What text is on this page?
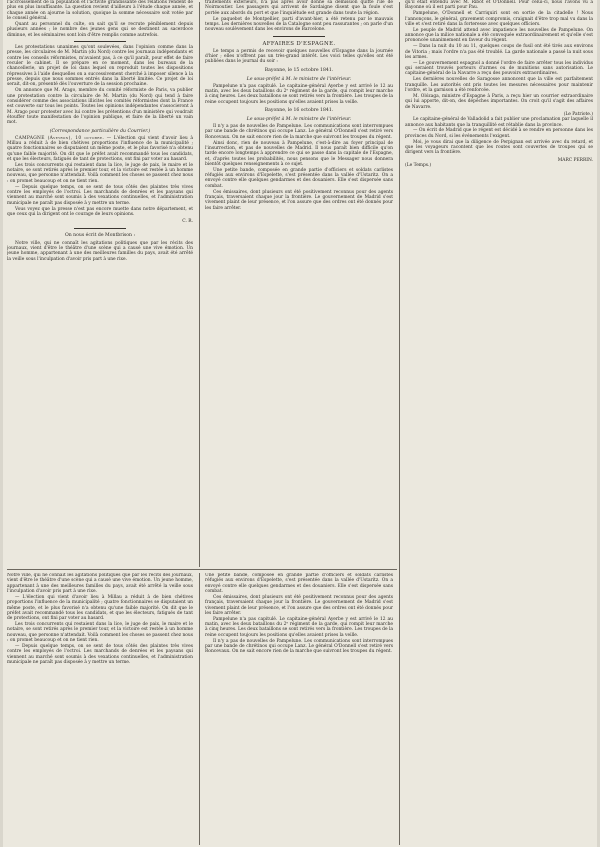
l'accroissement de la population et l'activité grandissante des relations rendent de plus en plus insuffisante. La question revient d'ailleurs à l'étude chaque année, et chaque année on ajourne la solution, quoique la somme nécessaire soit votée par le conseil général.

Quant au personnel du culte, on sait qu'il se recrute péniblement depuis plusieurs années ; le nombre des jeunes gens qui se destinent au sacerdoce diminue, et les séminaires sont loin d'être remplis comme autrefois.

Les protestations unanimes qu'ont soulevées, dans l'opinion comme dans la presse, les circulaires de M. Martin (du Nord) contre les journaux indépendants et contre les conseils réformistes, m'avaient pas, à ce qu'il paraît, pour effet de faire reculer le cabinet. Il se prépare en ce moment, dans les bureaux de la chancellerie, un projet de loi dans lequel on reproduit toutes les dispositions répressives à l'aide desquelles on a successivement cherché à imposer silence à la presse, depuis que nous sommes entrés dans la liberté limitée. Ce projet de loi serait, dit-on, présenté dès l'ouverture de la session prochaine.

On annonce que M. Arago, membre du comité réformiste de Paris, va publier une protestation contre la circulaire de M. Martin (du Nord) qui tend à faire considérer comme des associations illicites les comités réformistes dont la France est couverte sur tous les points. Toutes les opinions indépendantes s'associeront à M. Arago pour protester avec lui contre les prétentions d'un ministère qui voudrait étouffer toute manifestation de l'opinion publique, et faire de la liberté un vain mot.

(Correspondance particulière du Courrier.)

CAMPAGNE (Aveyron), 10 octobre. — L'élection qui vient d'avoir lieu à Millau a réduit à de bien chétives proportions l'influence de la municipalité ; quatre fonctionnaires se disputaient un même poste, et le plus favorisé n'a obtenu qu'une faible majorité. On dit que le préfet avait recommandé tous les candidats, et que les électeurs, fatigués de tant de protections, ont fini par voter au hasard.

Les trois concurrents qui restaient dans la lice, le juge de paix, le maire et le notaire, se sont retirés après le premier tour, et la victoire est restée à un homme nouveau, que personne n'attendait. Voilà comment les choses se passent chez nous : on promet beaucoup et on ne tient rien.

— Depuis quelque temps, on se sent de tous côtés des plaintes très vives contre les employés de l'octroi. Les marchands de denrées et les paysans qui viennent au marché sont soumis à des vexations continuelles, et l'administration municipale ne paraît pas disposée à y mettre un terme.

Vous voyez que la presse n'est pas encore muette dans notre département, et que ceux qui la dirigent ont le courage de leurs opinions.

C. R.
On nous écrit de Montbrison :

Notre ville, qui ne connaît les agitations politiques que par les récits des journaux, vient d'être le théâtre d'une scène qui a causé une vive émotion. Un jeune homme, appartenant à une des meilleures familles du pays, avait été arrêté la veille sous l'inculpation d'avoir pris part à une rixe.

traitements extérieurs, n'a pas après avoir donné sa démission quitté l'île de Noirmoutier. Les passagers qui arrivent de Sardaigne disent que la foule s'est portée aux abords du port et que l'inquiétude est grande dans toute la région.

Le paquebot de Montpellier, parti d'avant-hier, a été retenu par le mauvais temps. Les dernières nouvelles de la Catalogne sont peu rassurantes ; on parle d'un nouveau soulèvement dans les environs de Barcelone.

AFFAIRES D'ESPAGNE.

Le temps a permis de recevoir quelques nouvelles d'Espagne dans la journée d'hier ; elles n'offrent pas un très-grand intérêt. Les voici telles qu'elles ont été publiées dans le journal du soir :

Bayonne, le 15 octobre 1841.
Le sous-préfet à M. le ministre de l'intérieur.

Pampelune n'a pas capitulé. Le capitaine-général Ayerbe y est arrivé le 12 au matin, avec les deux bataillons du 2ᵉ régiment de la garde, qui rompit leur marche à cinq heures. Les deux bataillons se sont retirés vers la frontière. Les troupes de la reine occupent toujours les positions qu'elles avaient prises la veille.

Bayonne, le 16 octobre 1841.
Le sous-préfet à M. le ministre de l'intérieur.

Il n'y a pas de nouvelles de Pampelune. Les communications sont interrompues par une bande de chrétinos qui occupe Lanz. Le général O'Donnell s'est retiré vers Roncevaux. On ne sait encore rien de la marche que suivront les troupes du régent.

Ainsi donc, rien de nouveau à Pampelune, c'est-à-dire au foyer principal de l'insurrection, et pas de nouvelles de Madrid. Il nous paraît bien difficile qu'on tarde encore longtemps à apprendre ce qui se passe dans la capitale de l'Espagne, et, d'après toutes les probabilités, nous pensons que le Messager nous donnera bientôt quelques renseignements à ce sujet.

Une petite bande, composée en grande partie d'officiers et soldats carlistes réfugiés aux environs d'Espelette, s'est présentée dans la vallée d'Ustaritz. On a envoyé contre elle quelques gendarmes et des douaniers. Elle s'est dispersée sans combat.

Ces émissaires, dont plusieurs ont été positivement reconnus pour des agents français, traversaient chaque jour la frontière. Le gouvernement de Madrid s'est vivement plaint de leur présence, et l'on assure que des ordres ont été donnés pour les faire arrêter.

qu'il était entendu avec M. Ribot et O'Donnell. Pour celui-ci, nous l'avons vu à Bayonne où il est parti pour Pau.

Pampelune, O'Donnell et Carriquiri sont en sortie de la citadelle ! Nous l'annonçons, le général, gravement compromis, craignait d'être trop mal vu dans la ville et s'est retiré dans la forteresse avec quelques officiers.

Le peuple de Madrid attend avec impatience les nouvelles de Pampelune. On annonce que la milice nationale a été convoquée extraordinairement et qu'elle s'est prononcée unanimement en faveur du régent.

— Dans la nuit du 10 au 11, quelques coups de fusil ont été tirés aux environs de Vitoria ; mais l'ordre n'a pas été troublé. La garde nationale a passé la nuit sous les armes.

— Le gouvernement espagnol a donné l'ordre de faire arrêter tous les individus qui seraient trouvés porteurs d'armes ou de munitions sans autorisation. Le capitaine-général de la Navarre a reçu des pouvoirs extraordinaires.

Les dernières nouvelles de Saragosse annoncent que la ville est parfaitement tranquille. Les autorités ont pris toutes les mesures nécessaires pour maintenir l'ordre, et la garnison a été renforcée.

M. Olózaga, ministre d'Espagne à Paris, a reçu hier un courrier extraordinaire qui lui apporte, dit-on, des dépêches importantes. On croit qu'il s'agit des affaires de Navarre.

(Le Patriote.)

Le capitaine-général de Valladolid a fait publier une proclamation par laquelle il annonce aux habitants que la tranquillité est rétablie dans la province.

— On écrit de Madrid que le régent est décidé à se rendre en personne dans les provinces du Nord, si les événements l'exigent.

Moi, je vous dirai que la diligence de Perpignan est arrivée avec du retard, et que les voyageurs racontent que les routes sont couvertes de troupes qui se dirigent vers la frontière.

MARC PERRIN.
(Le Temps.)

Notre ville, qui ne connaît les agitations politiques que par les récits des journaux, vient d'être le théâtre d'une scène qui a causé une vive émotion. Un jeune homme, appartenant à une des meilleures familles du pays, avait été arrêté la veille sous l'inculpation d'avoir pris part à une rixe.

— L'élection qui vient d'avoir lieu à Millau a réduit à de bien chétives proportions l'influence de la municipalité ; quatre fonctionnaires se disputaient un même poste, et le plus favorisé n'a obtenu qu'une faible majorité. On dit que le préfet avait recommandé tous les candidats, et que les électeurs, fatigués de tant de protections, ont fini par voter au hasard.

Les trois concurrents qui restaient dans la lice, le juge de paix, le maire et le notaire, se sont retirés après le premier tour, et la victoire est restée à un homme nouveau, que personne n'attendait. Voilà comment les choses se passent chez nous : on promet beaucoup et on ne tient rien.

— Depuis quelque temps, on se sent de tous côtés des plaintes très vives contre les employés de l'octroi. Les marchands de denrées et les paysans qui viennent au marché sont soumis à des vexations continuelles, et l'administration municipale ne paraît pas disposée à y mettre un terme.

Une petite bande, composée en grande partie d'officiers et soldats carlistes réfugiés aux environs d'Espelette, s'est présentée dans la vallée d'Ustaritz. On a envoyé contre elle quelques gendarmes et des douaniers. Elle s'est dispersée sans combat.

Ces émissaires, dont plusieurs ont été positivement reconnus pour des agents français, traversaient chaque jour la frontière. Le gouvernement de Madrid s'est vivement plaint de leur présence, et l'on assure que des ordres ont été donnés pour les faire arrêter.

Pampelune n'a pas capitulé. Le capitaine-général Ayerbe y est arrivé le 12 au matin, avec les deux bataillons du 2ᵉ régiment de la garde, qui rompit leur marche à cinq heures. Les deux bataillons se sont retirés vers la frontière. Les troupes de la reine occupent toujours les positions qu'elles avaient prises la veille.

Il n'y a pas de nouvelles de Pampelune. Les communications sont interrompues par une bande de chrétinos qui occupe Lanz. Le général O'Donnell s'est retiré vers Roncevaux. On ne sait encore rien de la marche que suivront les troupes du régent.
